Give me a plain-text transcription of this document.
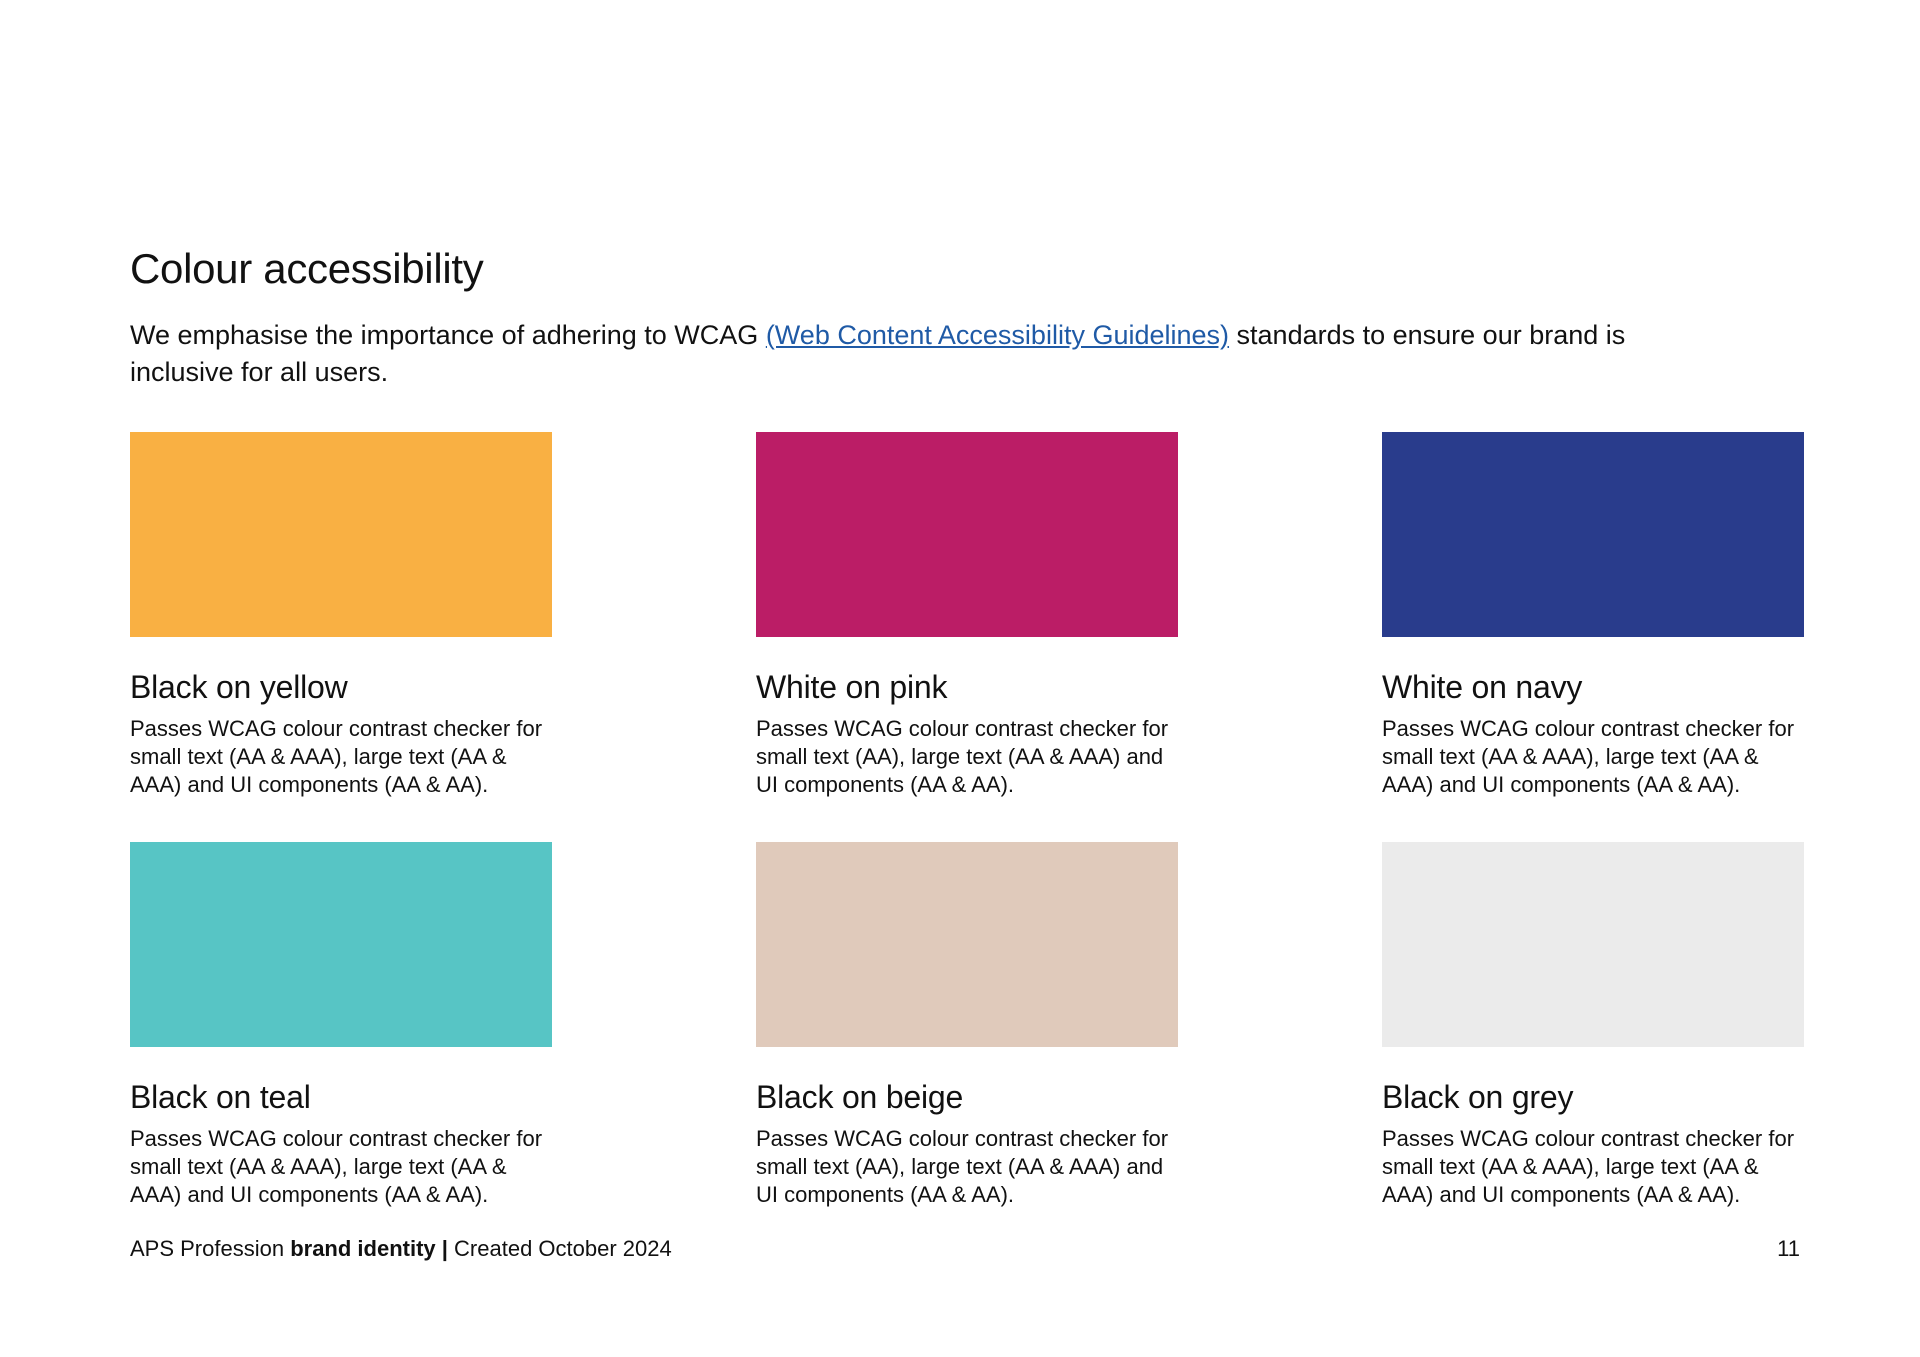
Colour accessibility

We emphasise the importance of adhering to WCAG (Web Content Accessibility Guidelines) standards to ensure our brand is inclusive for all users.

Black on yellow

Passes WCAG colour contrast checker for small text (AA & AAA), large text (AA & AAA) and UI components (AA & AA).

White on pink

Passes WCAG colour contrast checker for small text (AA), large text (AA & AAA) and UI components (AA & AA).

White on navy

Passes WCAG colour contrast checker for small text (AA & AAA), large text (AA & AAA) and UI components (AA & AA).

Black on teal

Passes WCAG colour contrast checker for small text (AA & AAA), large text (AA & AAA) and UI components (AA & AA).

Black on beige

Passes WCAG colour contrast checker for small text (AA), large text (AA & AAA) and UI components (AA & AA).

Black on grey

Passes WCAG colour contrast checker for small text (AA & AAA), large text (AA & AAA) and UI components (AA & AA).

APS Profession brand identity | Created October 2024	11
